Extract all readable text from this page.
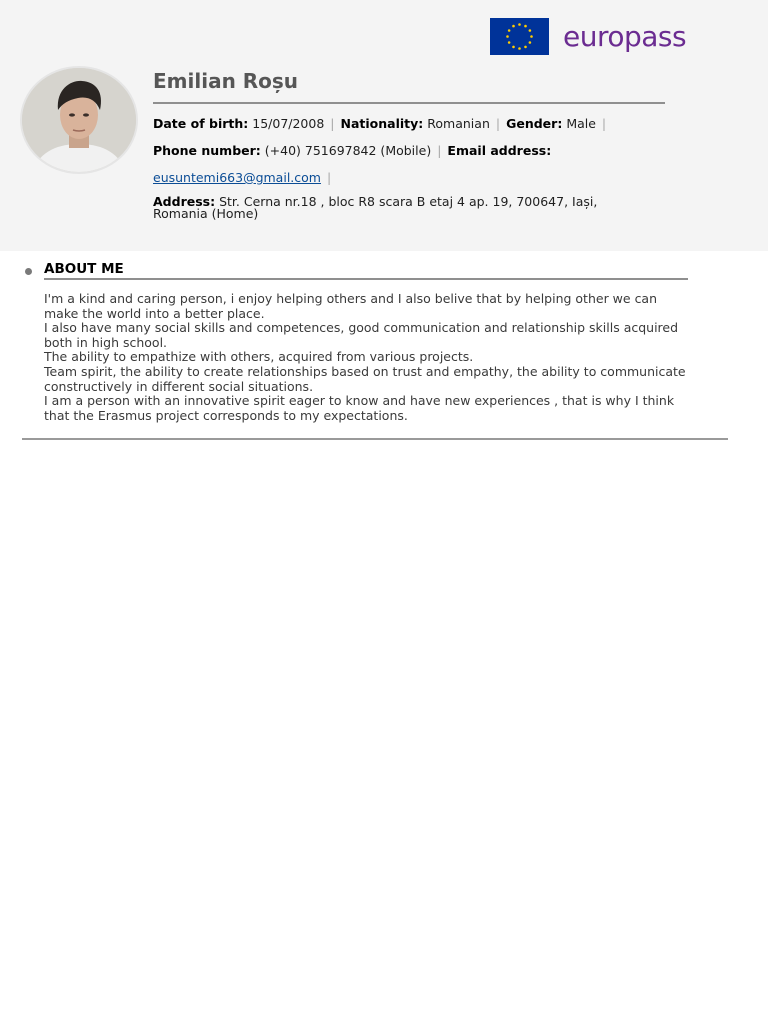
europass
Emilian Roșu
Date of birth: 15/07/2008 | Nationality: Romanian | Gender: Male |
Phone number: (+40) 751697842 (Mobile) | Email address:
eusuntemi663@gmail.com |
Address: Str. Cerna nr.18 , bloc R8 scara B etaj 4 ap. 19, 700647, Iași, Romania (Home)
ABOUT ME

I'm a kind and caring person, i enjoy helping others and I also belive that by helping other we can make the world into a better place.

I also have many social skills and competences, good communication and relationship skills acquired both in high school.

The ability to empathize with others, acquired from various projects.

Team spirit, the ability to create relationships based on trust and empathy, the ability to communicate constructively in different social situations.

I am a person with an innovative spirit eager to know and have new experiences , that is why I think that the Erasmus project corresponds to my expectations.
